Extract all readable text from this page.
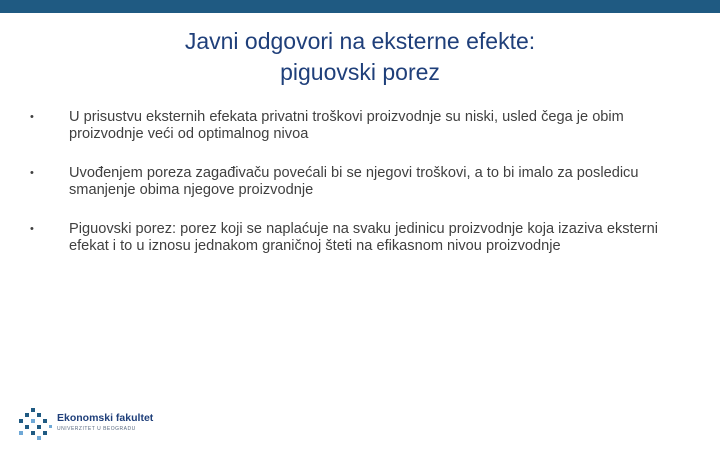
Javni odgovori na eksterne efekte:
piguovski porez
•	U prisustvu eksternih efekata privatni troškovi proizvodnje su niski, usled čega je obim proizvodnje veći od optimalnog nivoa
•	Uvođenjem poreza zagađivaču povećali bi se njegovi troškovi, a to bi imalo za posledicu smanjenje obima njegove proizvodnje
•	Piguovski porez: porez koji se naplaćuje na svaku jedinicu proizvodnje koja izaziva eksterni efekat i to u iznosu jednakom graničnoj šteti na efikasnom nivou proizvodnje
Ekonomski fakultet
UNIVERZITET U BEOGRADU
